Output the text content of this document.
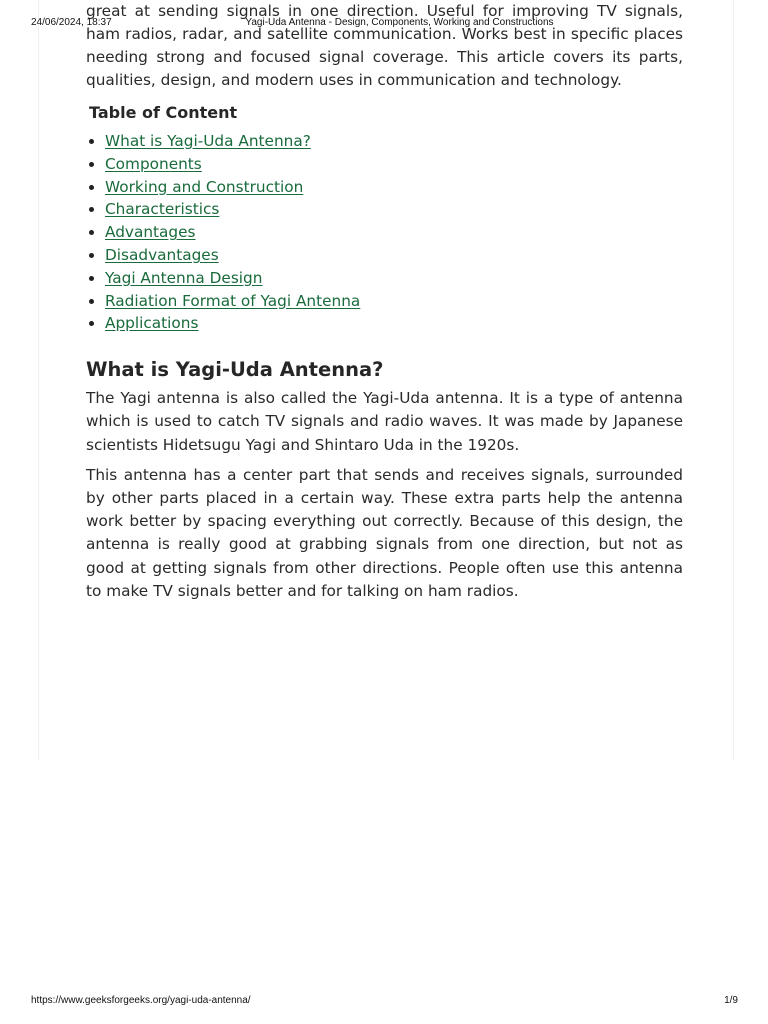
24/06/2024, 18:37	Yagi-Uda Antenna - Design, Components, Working and Constructions

great at sending signals in one direction. Useful for improving TV signals, ham radios, radar, and satellite communication. Works best in specific places needing strong and focused signal coverage. This article covers its parts, qualities, design, and modern uses in communication and technology.

Table of Content
• What is Yagi-Uda Antenna?
• Components
• Working and Construction
• Characteristics
• Advantages
• Disadvantages
• Yagi Antenna Design
• Radiation Format of Yagi Antenna
• Applications
What is Yagi-Uda Antenna?

The Yagi antenna is also called the Yagi-Uda antenna. It is a type of antenna which is used to catch TV signals and radio waves. It was made by Japanese scientists Hidetsugu Yagi and Shintaro Uda in the 1920s.

This antenna has a center part that sends and receives signals, surrounded by other parts placed in a certain way. These extra parts help the antenna work better by spacing everything out correctly. Because of this design, the antenna is really good at grabbing signals from one direction, but not as good at getting signals from other directions. People often use this antenna to make TV signals better and for talking on ham radios.

https://www.geeksforgeeks.org/yagi-uda-antenna/	1/9
